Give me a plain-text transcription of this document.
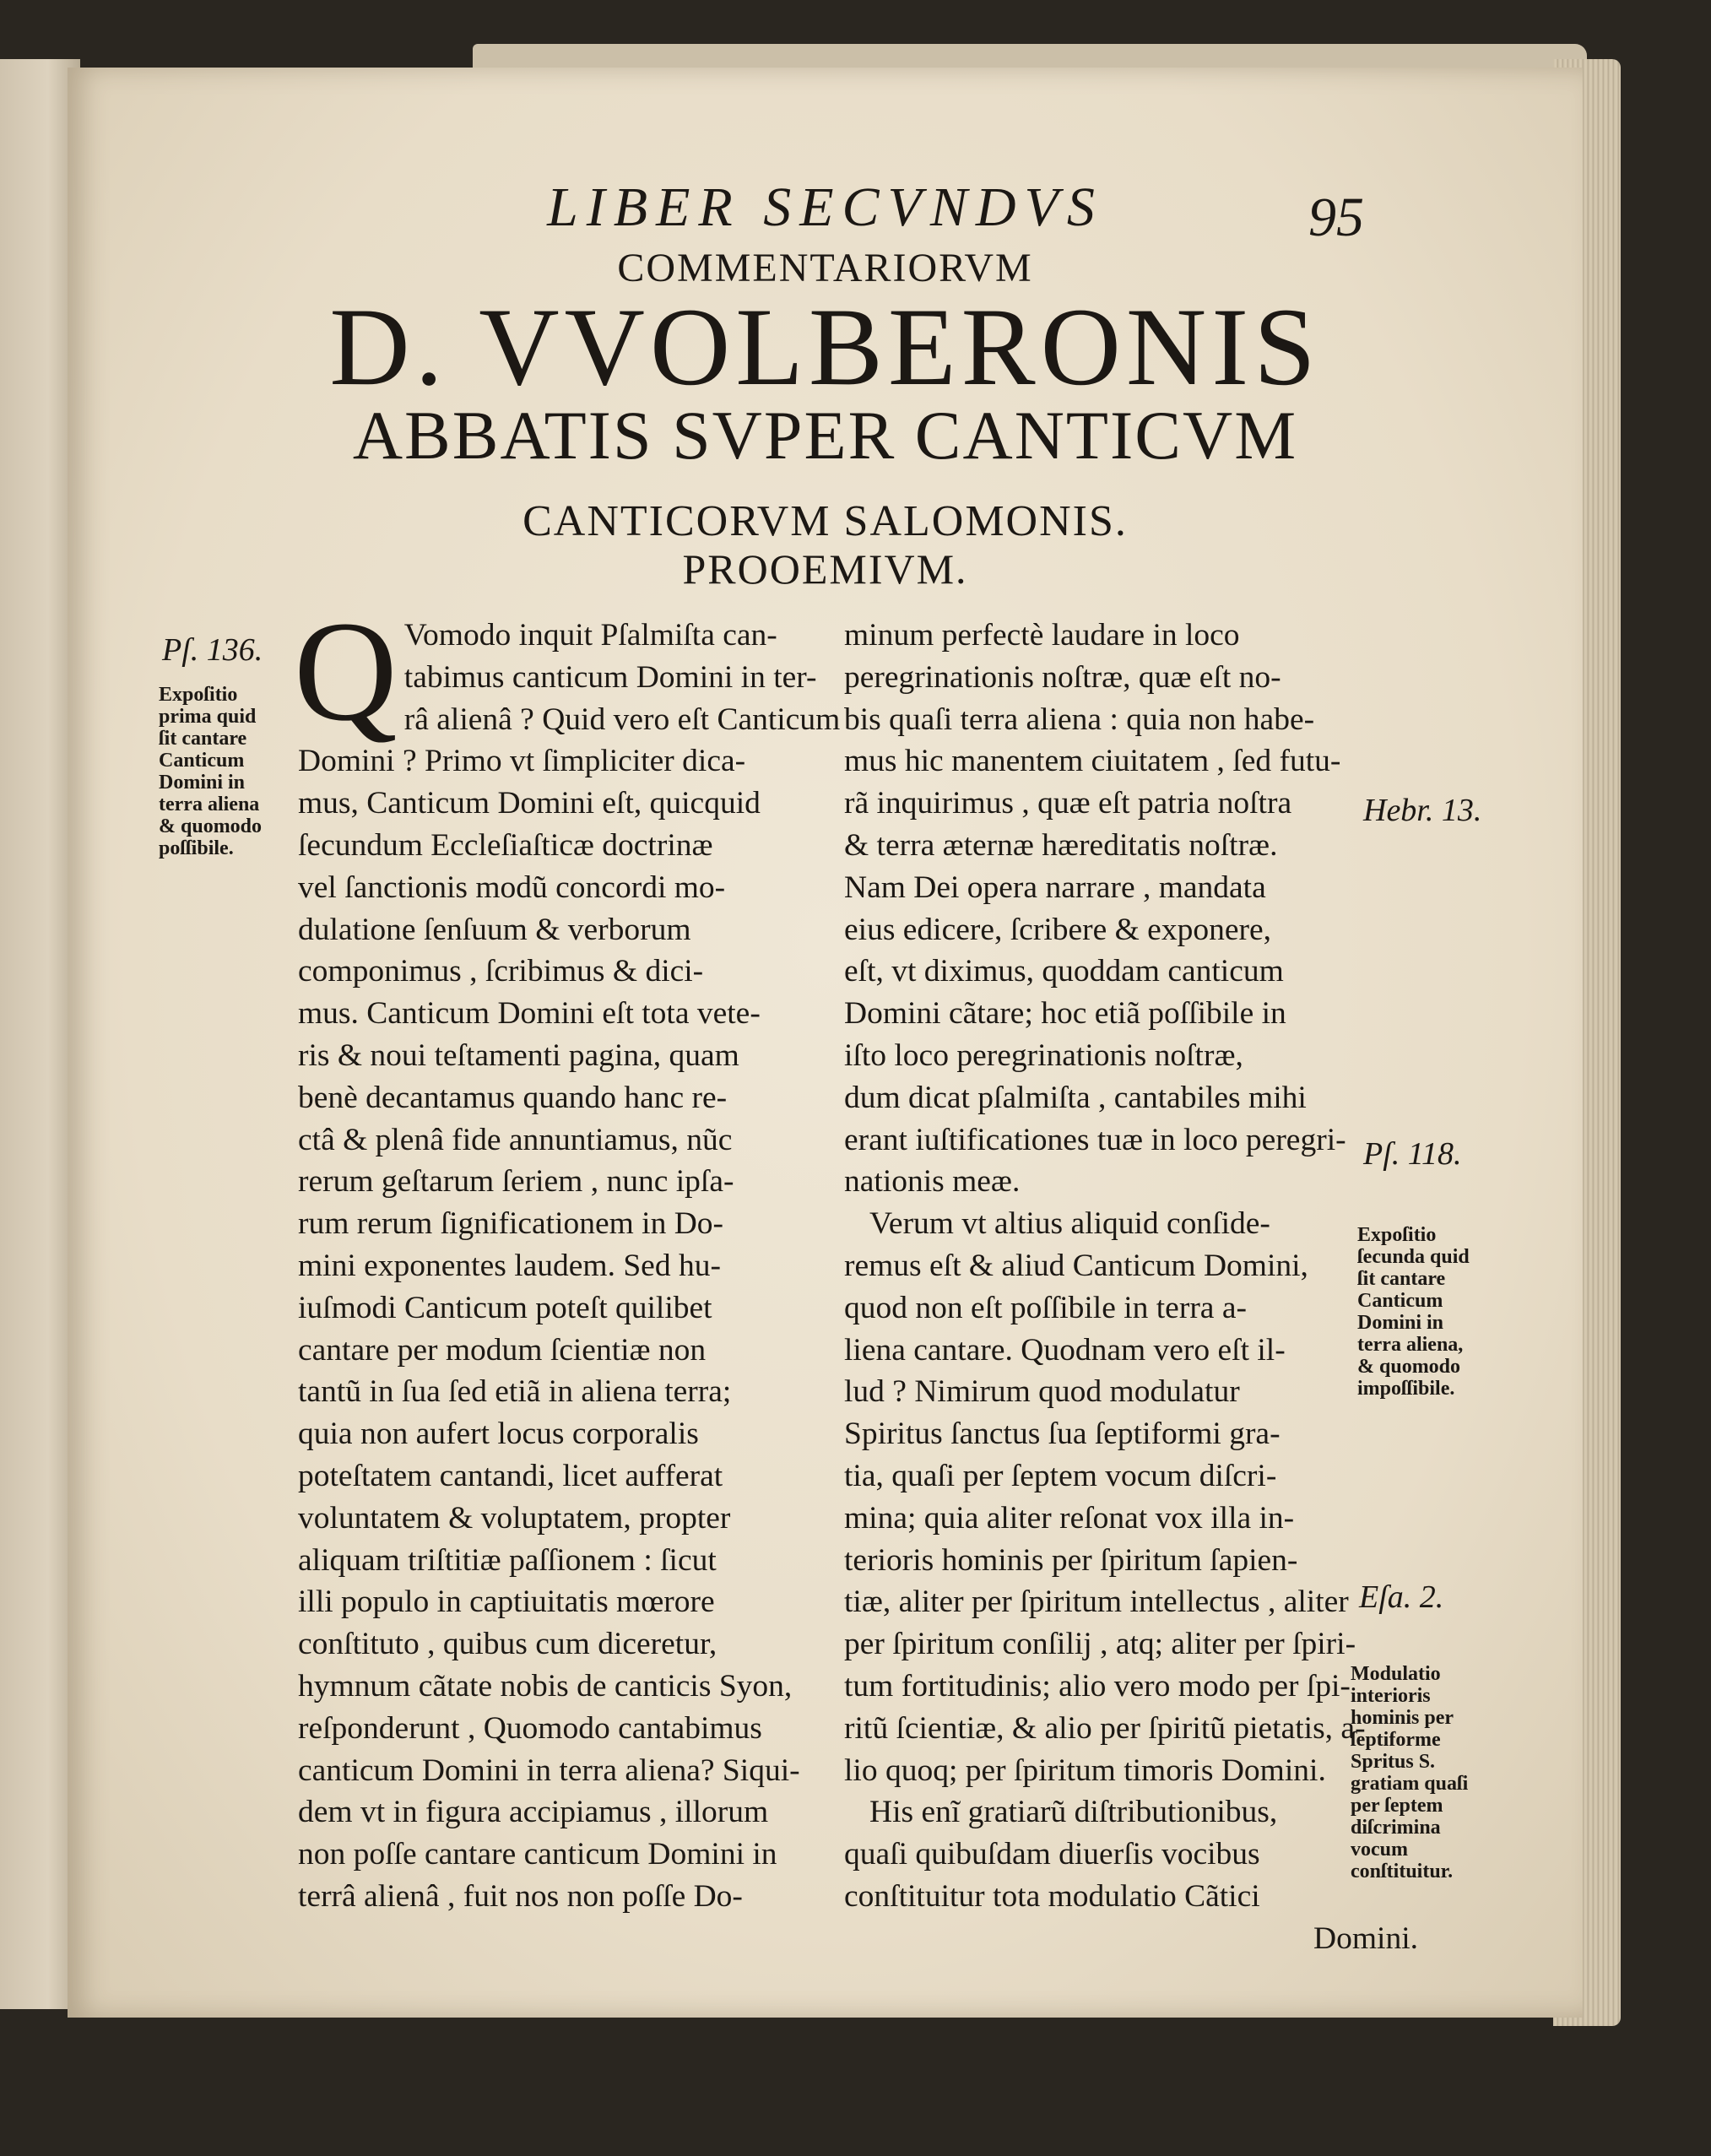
LIBER SECVNDVS	95
COMMENTARIORVM
D. VVOLBERONIS
ABBATIS SVPER CANTICVM
CANTICORVM SALOMONIS.
PROOEMIVM.
Q Vomodo inquit Pſalmiſta can-
tabimus canticum Domini in ter-
râ alienâ ? Quid vero eſt Canticum
Domini ? Primo vt ſimpliciter dica-
mus, Canticum Domini eſt, quicquid
ſecundum Eccleſiaſticæ doctrinæ
vel ſanctionis modũ concordi mo-
dulatione ſenſuum & verborum
componimus , ſcribimus & dici-
mus. Canticum Domini eſt tota vete-
ris & noui teſtamenti pagina, quam
benè decantamus quando hanc re-
ctâ & plenâ fide annuntiamus, nũc
rerum geſtarum ſeriem , nunc ipſa-
rum rerum ſignificationem in Do-
mini exponentes laudem. Sed hu-
iuſmodi Canticum poteſt quilibet
cantare per modum ſcientiæ non
tantũ in ſua ſed etiã in aliena terra;
quia non aufert locus corporalis
poteſtatem cantandi, licet aufferat
voluntatem & voluptatem, propter
aliquam triſtitiæ paſſionem : ſicut
illi populo in captiuitatis mœrore
conſtituto , quibus cum diceretur,
hymnum cãtate nobis de canticis Syon,
reſponderunt , Quomodo cantabimus
canticum Domini in terra aliena? Siqui-
dem vt in figura accipiamus , illorum
non poſſe cantare canticum Domini in
terrâ alienâ , fuit nos non poſſe Do-
minum perfectè laudare in loco
peregrinationis noſtræ, quæ eſt no-
bis quaſi terra aliena : quia non habe-
mus hic manentem ciuitatem , ſed futu-
rã inquirimus , quæ eſt patria noſtra
& terra æternæ hæreditatis noſtræ.
Nam Dei opera narrare , mandata
eius edicere, ſcribere & exponere,
eſt, vt diximus, quoddam canticum
Domini cãtare; hoc etiã poſſibile in
iſto loco peregrinationis noſtræ,
dum dicat pſalmiſta , cantabiles mihi
erant iuſtificationes tuæ in loco peregri-
nationis meæ.
Verum vt altius aliquid conſide-
remus eſt & aliud Canticum Domini,
quod non eſt poſſibile in terra a-
liena cantare. Quodnam vero eſt il-
lud ? Nimirum quod modulatur
Spiritus ſanctus ſua ſeptiformi gra-
tia, quaſi per ſeptem vocum diſcri-
mina; quia aliter reſonat vox illa in-
terioris hominis per ſpiritum ſapien-
tiæ, aliter per ſpiritum intellectus , aliter
per ſpiritum conſilij , atq; aliter per ſpiri-
tum fortitudinis; alio vero modo per ſpi-
ritũ ſcientiæ, & alio per ſpiritũ pietatis, a-
lio quoq; per ſpiritum timoris Domini.
His enĩ gratiarũ diſtributionibus,
quaſi quibuſdam diuerſis vocibus
conſtituitur tota modulatio Cãtici
Domini.
Pſ. 136.
Expoſitio prima quid ſit cantare Canticum Domini in terra aliena & quomodo poſſibile.
Hebr. 13.
Pſ. 118.
Expoſitio ſecunda quid ſit cantare Canticum Domini in terra aliena, & quomodo impoſſibile.
Eſa. 2.
Modulatio interioris hominis per ſeptiforme Spritus S. gratiam quaſi per ſeptem diſcrimina vocum conſtituitur.
